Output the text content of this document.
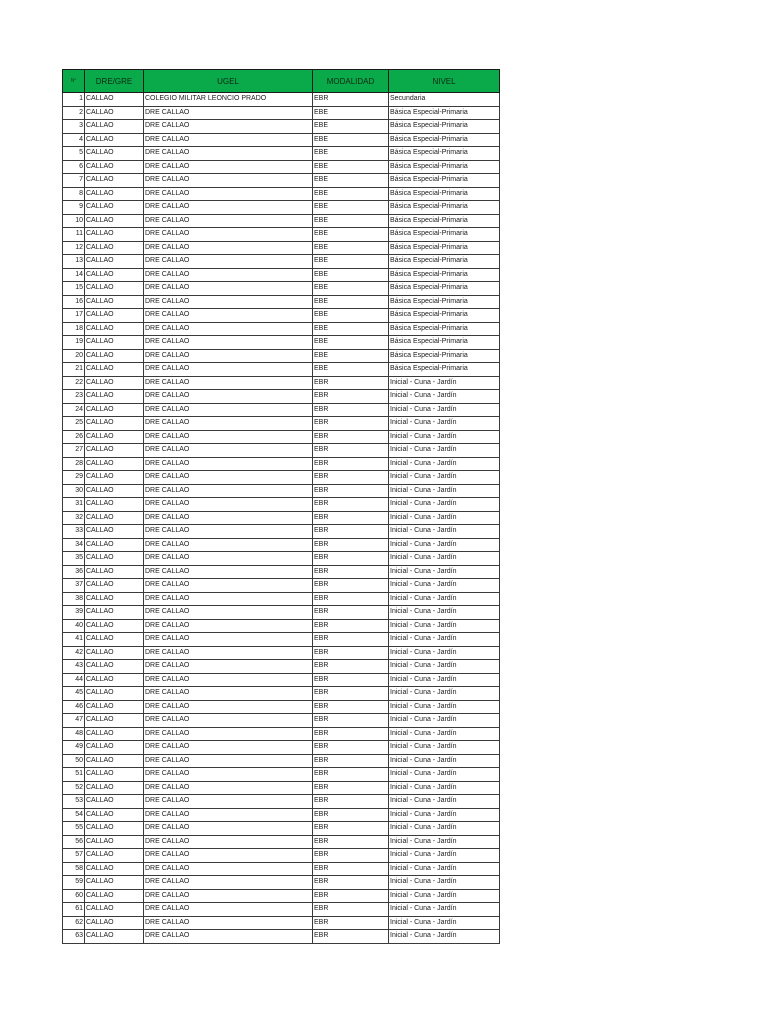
N°	DRE/GRE	UGEL	MODALIDAD	NIVEL
1	CALLAO	COLEGIO MILITAR LEONCIO PRADO	EBR	Secundaria
2	CALLAO	DRE CALLAO	EBE	Básica Especial-Primaria
3	CALLAO	DRE CALLAO	EBE	Básica Especial-Primaria
4	CALLAO	DRE CALLAO	EBE	Básica Especial-Primaria
5	CALLAO	DRE CALLAO	EBE	Básica Especial-Primaria
6	CALLAO	DRE CALLAO	EBE	Básica Especial-Primaria
7	CALLAO	DRE CALLAO	EBE	Básica Especial-Primaria
8	CALLAO	DRE CALLAO	EBE	Básica Especial-Primaria
9	CALLAO	DRE CALLAO	EBE	Básica Especial-Primaria
10	CALLAO	DRE CALLAO	EBE	Básica Especial-Primaria
11	CALLAO	DRE CALLAO	EBE	Básica Especial-Primaria
12	CALLAO	DRE CALLAO	EBE	Básica Especial-Primaria
13	CALLAO	DRE CALLAO	EBE	Básica Especial-Primaria
14	CALLAO	DRE CALLAO	EBE	Básica Especial-Primaria
15	CALLAO	DRE CALLAO	EBE	Básica Especial-Primaria
16	CALLAO	DRE CALLAO	EBE	Básica Especial-Primaria
17	CALLAO	DRE CALLAO	EBE	Básica Especial-Primaria
18	CALLAO	DRE CALLAO	EBE	Básica Especial-Primaria
19	CALLAO	DRE CALLAO	EBE	Básica Especial-Primaria
20	CALLAO	DRE CALLAO	EBE	Básica Especial-Primaria
21	CALLAO	DRE CALLAO	EBE	Básica Especial-Primaria
22	CALLAO	DRE CALLAO	EBR	Inicial - Cuna - Jardín
23	CALLAO	DRE CALLAO	EBR	Inicial - Cuna - Jardín
24	CALLAO	DRE CALLAO	EBR	Inicial - Cuna - Jardín
25	CALLAO	DRE CALLAO	EBR	Inicial - Cuna - Jardín
26	CALLAO	DRE CALLAO	EBR	Inicial - Cuna - Jardín
27	CALLAO	DRE CALLAO	EBR	Inicial - Cuna - Jardín
28	CALLAO	DRE CALLAO	EBR	Inicial - Cuna - Jardín
29	CALLAO	DRE CALLAO	EBR	Inicial - Cuna - Jardín
30	CALLAO	DRE CALLAO	EBR	Inicial - Cuna - Jardín
31	CALLAO	DRE CALLAO	EBR	Inicial - Cuna - Jardín
32	CALLAO	DRE CALLAO	EBR	Inicial - Cuna - Jardín
33	CALLAO	DRE CALLAO	EBR	Inicial - Cuna - Jardín
34	CALLAO	DRE CALLAO	EBR	Inicial - Cuna - Jardín
35	CALLAO	DRE CALLAO	EBR	Inicial - Cuna - Jardín
36	CALLAO	DRE CALLAO	EBR	Inicial - Cuna - Jardín
37	CALLAO	DRE CALLAO	EBR	Inicial - Cuna - Jardín
38	CALLAO	DRE CALLAO	EBR	Inicial - Cuna - Jardín
39	CALLAO	DRE CALLAO	EBR	Inicial - Cuna - Jardín
40	CALLAO	DRE CALLAO	EBR	Inicial - Cuna - Jardín
41	CALLAO	DRE CALLAO	EBR	Inicial - Cuna - Jardín
42	CALLAO	DRE CALLAO	EBR	Inicial - Cuna - Jardín
43	CALLAO	DRE CALLAO	EBR	Inicial - Cuna - Jardín
44	CALLAO	DRE CALLAO	EBR	Inicial - Cuna - Jardín
45	CALLAO	DRE CALLAO	EBR	Inicial - Cuna - Jardín
46	CALLAO	DRE CALLAO	EBR	Inicial - Cuna - Jardín
47	CALLAO	DRE CALLAO	EBR	Inicial - Cuna - Jardín
48	CALLAO	DRE CALLAO	EBR	Inicial - Cuna - Jardín
49	CALLAO	DRE CALLAO	EBR	Inicial - Cuna - Jardín
50	CALLAO	DRE CALLAO	EBR	Inicial - Cuna - Jardín
51	CALLAO	DRE CALLAO	EBR	Inicial - Cuna - Jardín
52	CALLAO	DRE CALLAO	EBR	Inicial - Cuna - Jardín
53	CALLAO	DRE CALLAO	EBR	Inicial - Cuna - Jardín
54	CALLAO	DRE CALLAO	EBR	Inicial - Cuna - Jardín
55	CALLAO	DRE CALLAO	EBR	Inicial - Cuna - Jardín
56	CALLAO	DRE CALLAO	EBR	Inicial - Cuna - Jardín
57	CALLAO	DRE CALLAO	EBR	Inicial - Cuna - Jardín
58	CALLAO	DRE CALLAO	EBR	Inicial - Cuna - Jardín
59	CALLAO	DRE CALLAO	EBR	Inicial - Cuna - Jardín
60	CALLAO	DRE CALLAO	EBR	Inicial - Cuna - Jardín
61	CALLAO	DRE CALLAO	EBR	Inicial - Cuna - Jardín
62	CALLAO	DRE CALLAO	EBR	Inicial - Cuna - Jardín
63	CALLAO	DRE CALLAO	EBR	Inicial - Cuna - Jardín
